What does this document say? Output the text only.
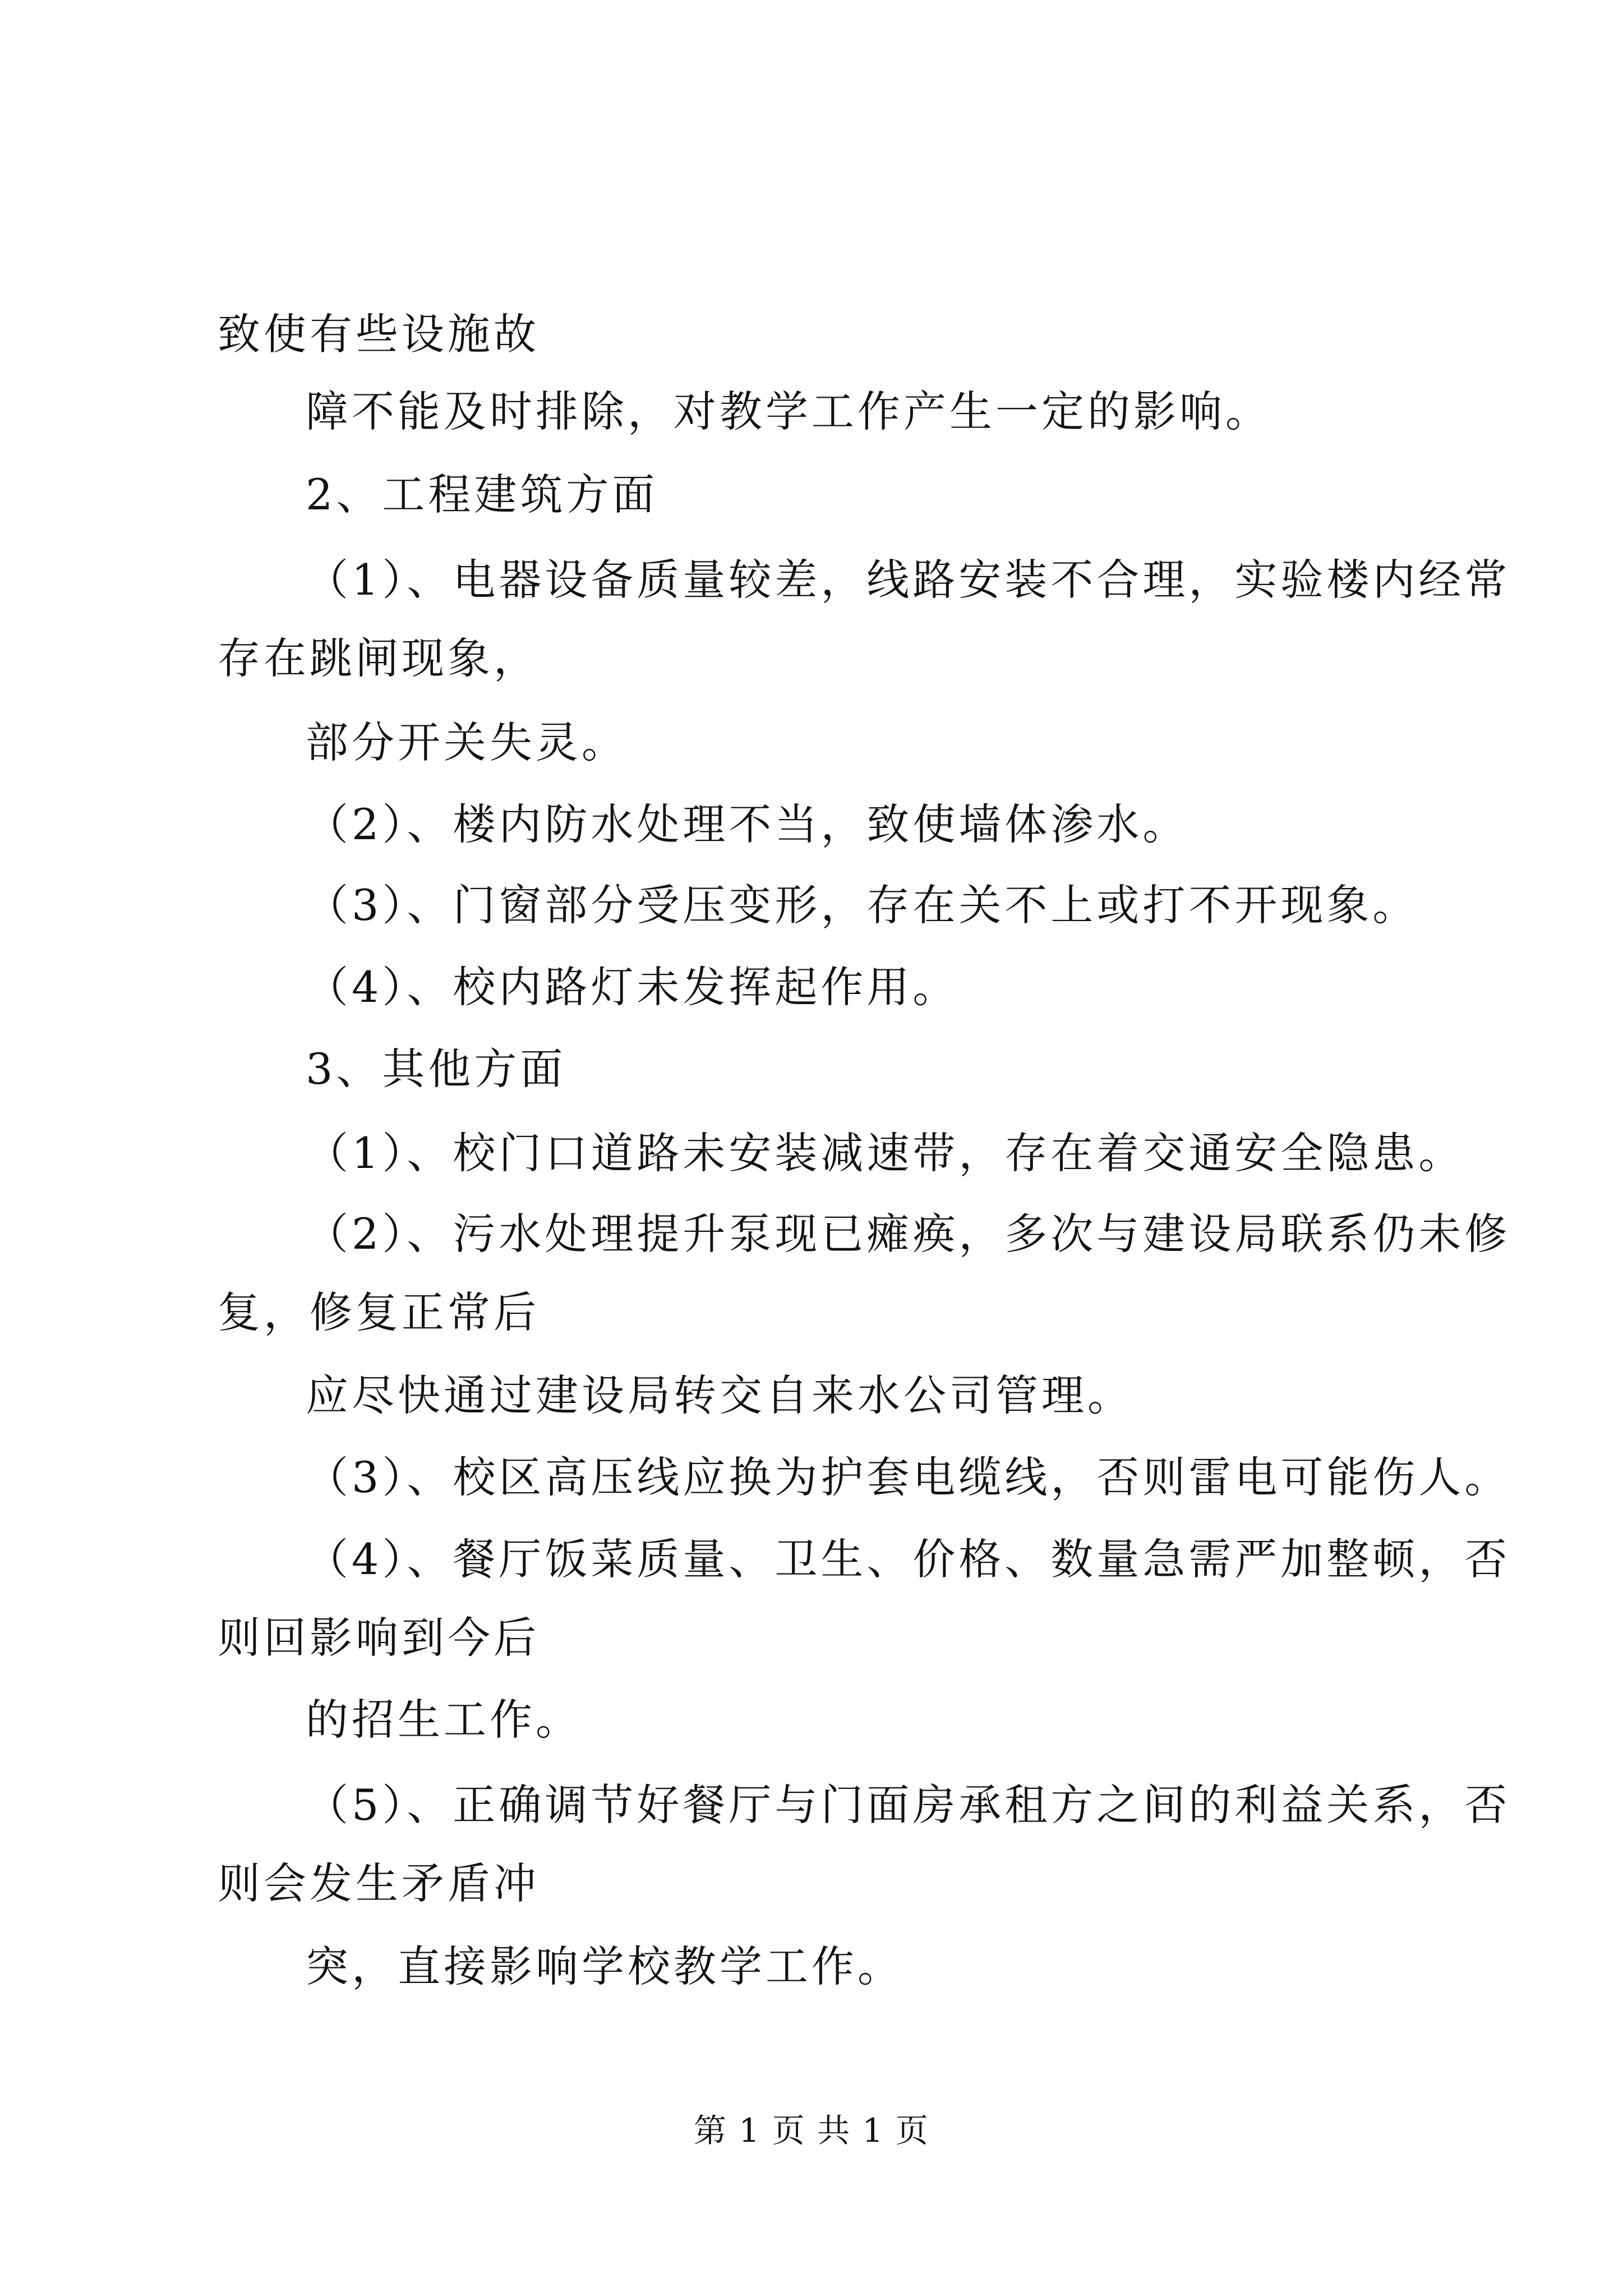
致使有些设施故
障不能及时排除，对教学工作产生一定的影响。
2、工程建筑方面
（1）、电器设备质量较差，线路安装不合理，实验楼内经常
存在跳闸现象，
部分开关失灵。
（2）、楼内防水处理不当，致使墙体渗水。
（3）、门窗部分受压变形，存在关不上或打不开现象。
（4）、校内路灯未发挥起作用。
3、其他方面
（1）、校门口道路未安装减速带，存在着交通安全隐患。
（2）、污水处理提升泵现已瘫痪，多次与建设局联系仍未修
复，修复正常后
应尽快通过建设局转交自来水公司管理。
（3）、校区高压线应换为护套电缆线，否则雷电可能伤人。
（4）、餐厅饭菜质量、卫生、价格、数量急需严加整顿，否
则回影响到今后
的招生工作。
（5）、正确调节好餐厅与门面房承租方之间的利益关系，否
则会发生矛盾冲
突，直接影响学校教学工作。
第 1 页 共 1 页
